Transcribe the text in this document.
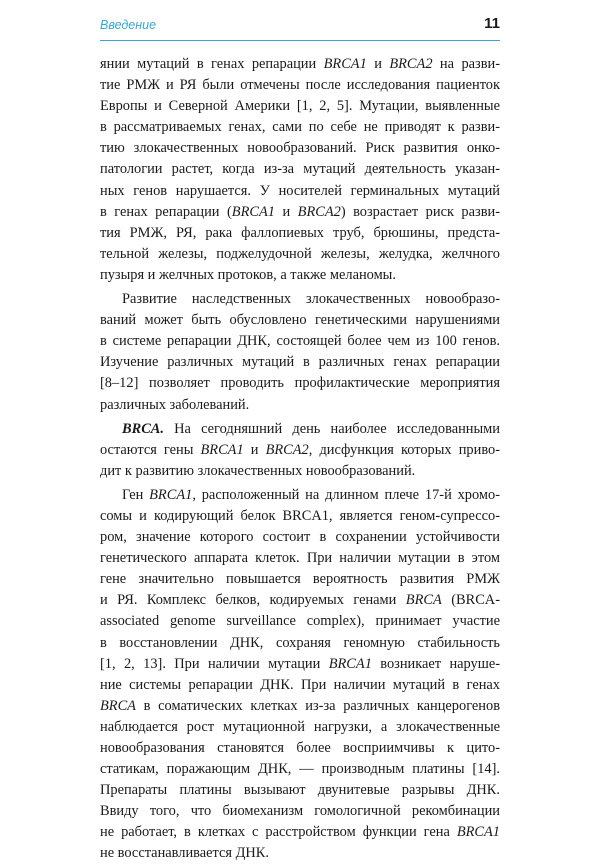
Введение	11
янии мутаций в генах репарации BRCA1 и BRCA2 на разви-
тие РМЖ и РЯ были отмечены после исследования пациенток
Европы и Северной Америки [1, 2, 5]. Мутации, выявленные
в рассматриваемых генах, сами по себе не приводят к разви-
тию злокачественных новообразований. Риск развития онко-
патологии растет, когда из-за мутаций деятельность указан-
ных генов нарушается. У носителей герминальных мутаций
в генах репарации (BRCA1 и BRCA2) возрастает риск разви-
тия РМЖ, РЯ, рака фаллопиевых труб, брюшины, предста-
тельной железы, поджелудочной железы, желудка, желчного
пузыря и желчных протоков, а также меланомы.
Развитие наследственных злокачественных новообразо-
ваний может быть обусловлено генетическими нарушениями
в системе репарации ДНК, состоящей более чем из 100 генов.
Изучение различных мутаций в различных генах репарации
[8–12] позволяет проводить профилактические мероприятия
различных заболеваний.
BRCA. На сегодняшний день наиболее исследованными
остаются гены BRCA1 и BRCA2, дисфункция которых приво-
дит к развитию злокачественных новообразований.
Ген BRCA1, расположенный на длинном плече 17-й хромо-
сомы и кодирующий белок BRCA1, является геном-супрессо-
ром, значение которого состоит в сохранении устойчивости
генетического аппарата клеток. При наличии мутации в этом
гене значительно повышается вероятность развития РМЖ
и РЯ. Комплекс белков, кодируемых генами BRCA (BRCA-
associated genome surveillance complex), принимает участие
в восстановлении ДНК, сохраняя геномную стабильность
[1, 2, 13]. При наличии мутации BRCA1 возникает наруше-
ние системы репарации ДНК. При наличии мутаций в генах
BRCA в соматических клетках из-за различных канцерогенов
наблюдается рост мутационной нагрузки, а злокачественные
новообразования становятся более восприимчивы к цито-
статикам, поражающим ДНК, — производным платины [14].
Препараты платины вызывают двунитевые разрывы ДНК.
Ввиду того, что биомеханизм гомологичной рекомбинации
не работает, в клетках с расстройством функции гена BRCA1
не восстанавливается ДНК.
